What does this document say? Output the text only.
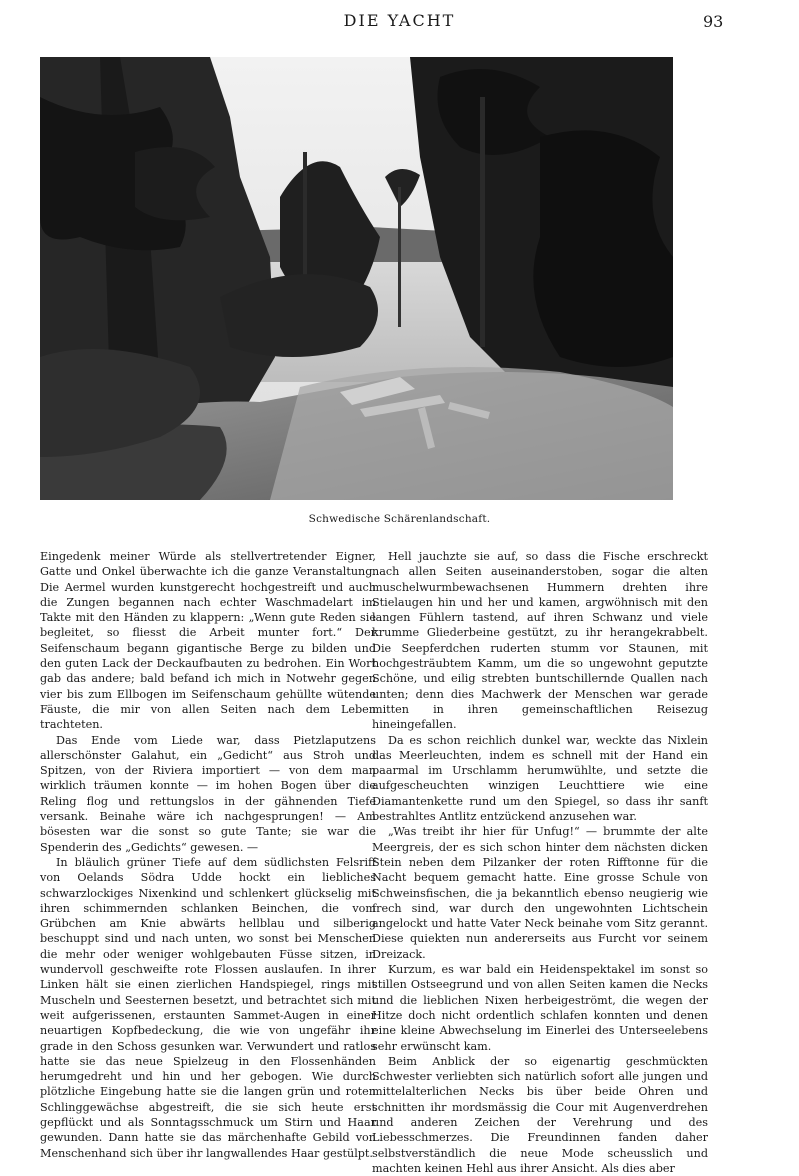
DIE YACHT	93
Schwedische Schärenlandschaft.

Eingedenk meiner Würde als stellvertretender Eigner, Gatte und Onkel überwachte ich die ganze Veranstaltung. Die Aermel wurden kunstgerecht hochgestreift und auch die Zungen begannen nach echter Waschmadelart im Takte mit den Händen zu klappern: „Wenn gute Reden sie begleitet, so fliesst die Arbeit munter fort.“ Der Seifenschaum begann gigantische Berge zu bilden und den guten Lack der Deckaufbauten zu bedrohen. Ein Wort gab das andere; bald befand ich mich in Notwehr gegen vier bis zum Ellbogen im Seifenschaum gehüllte wütende Fäuste, die mir von allen Seiten nach dem Leben trachteten.

Das Ende vom Liede war, dass Pietzlaputzens allerschönster Galahut, ein „Gedicht“ aus Stroh und Spitzen, von der Riviera importiert — von dem man wirklich träumen konnte — im hohen Bogen über die Reling flog und rettungslos in der gähnenden Tiefe versank. Beinahe wäre ich nachgesprungen! — Am bösesten war die sonst so gute Tante; sie war die Spenderin des „Gedichts“ gewesen. —

In bläulich grüner Tiefe auf dem südlichsten Felsriff von Oelands Södra Udde hockt ein liebliches schwarzlockiges Nixenkind und schlenkert glückselig mit ihren schimmernden schlanken Beinchen, die vom Grübchen am Knie abwärts hellblau und silberig beschuppt sind und nach unten, wo sonst bei Menschen die mehr oder weniger wohlgebauten Füsse sitzen, in wundervoll geschweifte rote Flossen auslaufen. In ihrer Linken hält sie einen zierlichen Handspiegel, rings mit Muscheln und Seesternen besetzt, und betrachtet sich mit weit aufgerissenen, erstaunten Sammet-Augen in einer neuartigen Kopfbedeckung, die wie von ungefähr ihr grade in den Schoss gesunken war. Verwundert und ratlos hatte sie das neue Spielzeug in den Flossenhänden herumgedreht und hin und her gebogen. Wie durch plötzliche Eingebung hatte sie die langen grün und roten Schlinggewächse abgestreift, die sie sich heute erst gepflückt und als Sonntagsschmuck um Stirn und Haar gewunden. Dann hatte sie das märchenhafte Gebild von Menschenhand sich über ihr langwallendes Haar gestülpt.

Hell jauchzte sie auf, so dass die Fische erschreckt nach allen Seiten auseinanderstoben, sogar die alten muschelwurmbewachsenen Hummern drehten ihre Stielaugen hin und her und kamen, argwöhnisch mit den langen Fühlern tastend, auf ihren Schwanz und viele krumme Gliederbeine gestützt, zu ihr herangekrabbelt. Die Seepferdchen ruderten stumm vor Staunen, mit hochgesträubtem Kamm, um die so ungewohnt geputzte Schöne, und eilig strebten buntschillernde Quallen nach unten; denn dies Machwerk der Menschen war gerade mitten in ihren gemeinschaftlichen Reisezug hineingefallen.

Da es schon reichlich dunkel war, weckte das Nixlein das Meerleuchten, indem es schnell mit der Hand ein paarmal im Urschlamm herumwühlte, und setzte die aufgescheuchten winzigen Leuchttiere wie eine Diamantenkette rund um den Spiegel, so dass ihr sanft bestrahltes Antlitz entzückend anzusehen war.

„Was treibt ihr hier für Unfug!“ — brummte der alte Meergreis, der es sich schon hinter dem nächsten dicken Stein neben dem Pilzanker der roten Rifftonne für die Nacht bequem gemacht hatte. Eine grosse Schule von Schweinsfischen, die ja bekanntlich ebenso neugierig wie frech sind, war durch den ungewohnten Lichtschein angelockt und hatte Vater Neck beinahe vom Sitz gerannt. Diese quiekten nun andererseits aus Furcht vor seinem Dreizack.

Kurzum, es war bald ein Heidenspektakel im sonst so stillen Ostseegrund und von allen Seiten kamen die Necks und die lieblichen Nixen herbeigeströmt, die wegen der Hitze doch nicht ordentlich schlafen konnten und denen eine kleine Abwechselung im Einerlei des Unterseelebens sehr erwünscht kam.

Beim Anblick der so eigenartig geschmückten Schwester verliebten sich natürlich sofort alle jungen und mittelalterlichen Necks bis über beide Ohren und schnitten ihr mordsmässig die Cour mit Augenverdrehen und anderen Zeichen der Verehrung und des Liebesschmerzes. Die Freundinnen fanden daher selbstverständlich die neue Mode scheusslich und machten keinen Hehl aus ihrer Ansicht. Als dies aber
